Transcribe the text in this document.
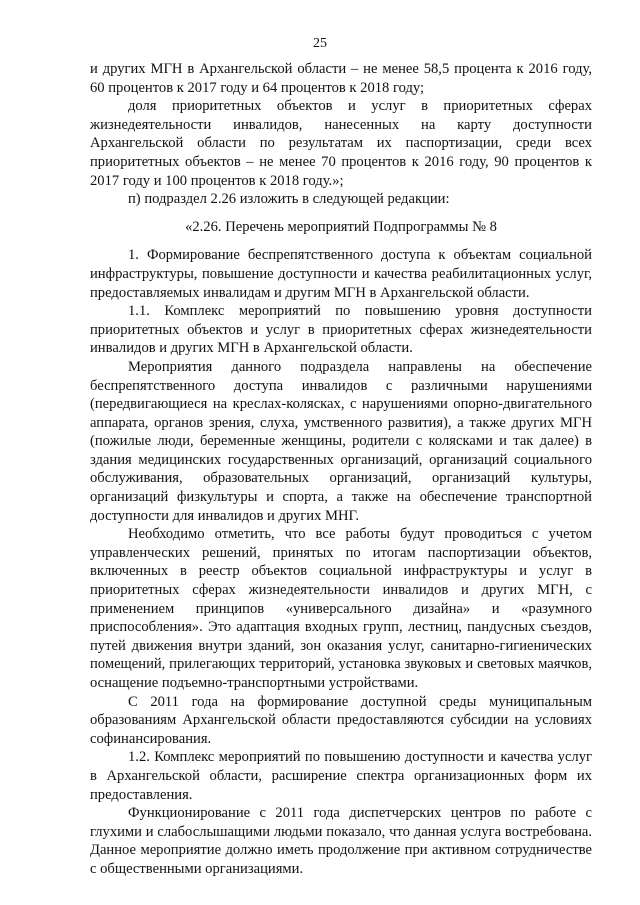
25

и других МГН в Архангельской области – не менее 58,5 процента к 2016 году, 60 процентов к 2017 году и 64 процентов к 2018 году;

доля приоритетных объектов и услуг в приоритетных сферах жизнедеятельности инвалидов, нанесенных на карту доступности Архангельской области по результатам их паспортизации, среди всех приоритетных объектов – не менее 70 процентов к 2016 году, 90 процентов к 2017 году и 100 процентов к 2018 году.»;

п) подраздел 2.26 изложить в следующей редакции:

«2.26. Перечень мероприятий Подпрограммы № 8

1. Формирование беспрепятственного доступа к объектам социальной инфраструктуры, повышение доступности и качества реабилитационных услуг, предоставляемых инвалидам и другим МГН в Архангельской области.

1.1. Комплекс мероприятий по повышению уровня доступности приоритетных объектов и услуг в приоритетных сферах жизнедеятельности инвалидов и других МГН в Архангельской области.

Мероприятия данного подраздела направлены на обеспечение беспрепятственного доступа инвалидов с различными нарушениями (передвигающиеся на креслах-колясках, с нарушениями опорно-двигательного аппарата, органов зрения, слуха, умственного развития), а также других МГН (пожилые люди, беременные женщины, родители с колясками и так далее) в здания медицинских государственных организаций, организаций социального обслуживания, образовательных организаций, организаций культуры, организаций физкультуры и спорта, а также на обеспечение транспортной доступности для инвалидов и других МНГ.

Необходимо отметить, что все работы будут проводиться с учетом управленческих решений, принятых по итогам паспортизации объектов, включенных в реестр объектов социальной инфраструктуры и услуг в приоритетных сферах жизнедеятельности инвалидов и других МГН, с применением принципов «универсального дизайна» и «разумного приспособления». Это адаптация входных групп, лестниц, пандусных съездов, путей движения внутри зданий, зон оказания услуг, санитарно-гигиенических помещений, прилегающих территорий, установка звуковых и световых маячков, оснащение подъемно-транспортными устройствами.

С 2011 года на формирование доступной среды муниципальным образованиям Архангельской области предоставляются субсидии на условиях софинансирования.

1.2. Комплекс мероприятий по повышению доступности и качества услуг в Архангельской области, расширение спектра организационных форм их предоставления.

Функционирование с 2011 года диспетчерских центров по работе с глухими и слабослышащими людьми показало, что данная услуга востребована. Данное мероприятие должно иметь продолжение при активном сотрудничестве с общественными организациями.
